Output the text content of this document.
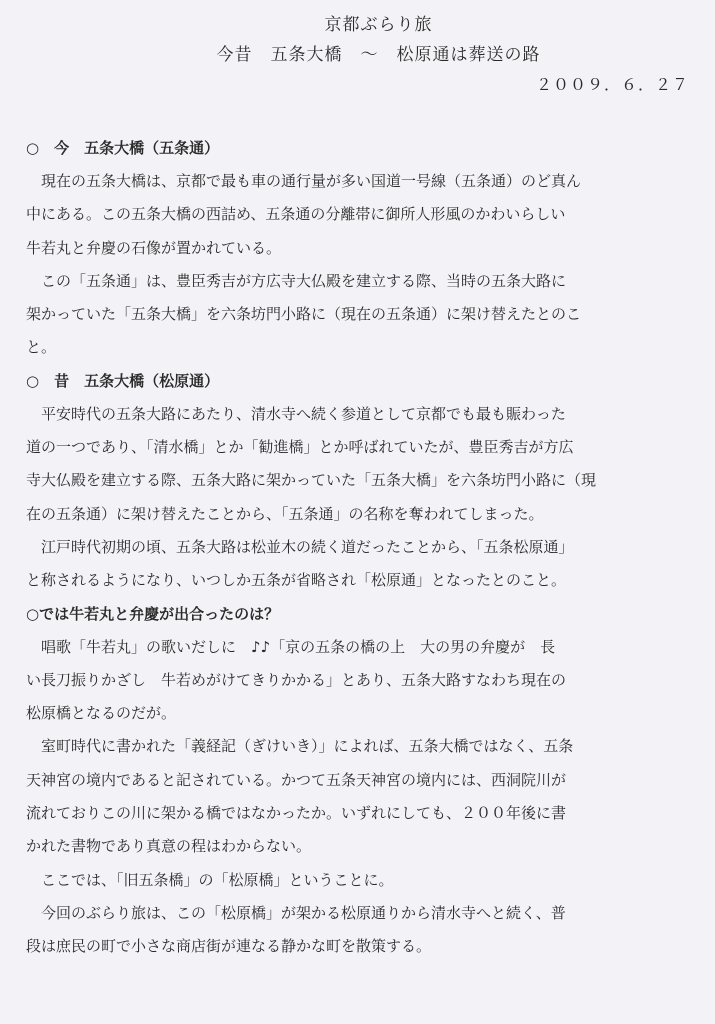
京都ぶらり旅
今昔　五条大橋　～　松原通は葬送の路
２００９．６．２７
○　今　五条大橋（五条通）
現在の五条大橋は、京都で最も車の通行量が多い国道一号線（五条通）のど真ん
中にある。この五条大橋の西詰め、五条通の分離帯に御所人形風のかわいらしい
牛若丸と弁慶の石像が置かれている。
この「五条通」は、豊臣秀吉が方広寺大仏殿を建立する際、当時の五条大路に
架かっていた「五条大橋」を六条坊門小路に（現在の五条通）に架け替えたとのこ
と。
○　昔　五条大橋（松原通）
平安時代の五条大路にあたり、清水寺へ続く参道として京都でも最も賑わった
道の一つであり、「清水橋」とか「勧進橋」とか呼ばれていたが、豊臣秀吉が方広
寺大仏殿を建立する際、五条大路に架かっていた「五条大橋」を六条坊門小路に（現
在の五条通）に架け替えたことから、「五条通」の名称を奪われてしまった。
江戸時代初期の頃、五条大路は松並木の続く道だったことから、「五条松原通」
と称されるようになり、いつしか五条が省略され「松原通」となったとのこと。
○では牛若丸と弁慶が出合ったのは？
唱歌「牛若丸」の歌いだしに　♪♪「京の五条の橋の上　大の男の弁慶が　長
い長刀振りかざし　牛若めがけてきりかかる」とあり、五条大路すなわち現在の
松原橋となるのだが。
室町時代に書かれた「義経記（ぎけいき）」によれば、五条大橋ではなく、五条
天神宮の境内であると記されている。かつて五条天神宮の境内には、西洞院川が
流れておりこの川に架かる橋ではなかったか。いずれにしても、２００年後に書
かれた書物であり真意の程はわからない。
ここでは、「旧五条橋」の「松原橋」ということに。
今回のぶらり旅は、この「松原橋」が架かる松原通りから清水寺へと続く、普
段は庶民の町で小さな商店街が連なる静かな町を散策する。
